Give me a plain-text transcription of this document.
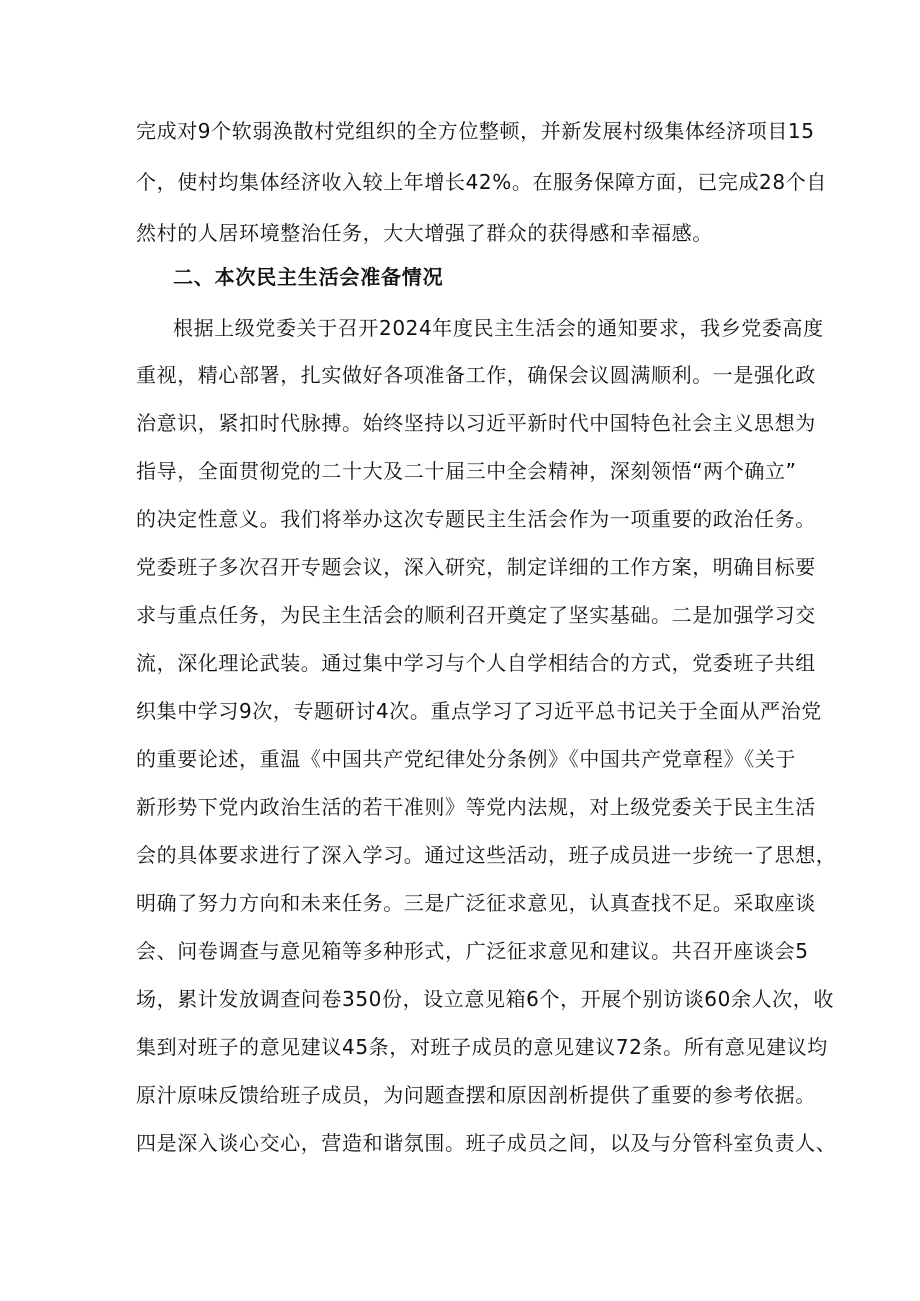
完成对9个软弱涣散村党组织的全方位整顿，并新发展村级集体经济项目15
个，使村均集体经济收入较上年增长42%。在服务保障方面，已完成28个自
然村的人居环境整治任务，大大增强了群众的获得感和幸福感。
二、本次民主生活会准备情况
根据上级党委关于召开2024年度民主生活会的通知要求，我乡党委高度
重视，精心部署，扎实做好各项准备工作，确保会议圆满顺利。一是强化政
治意识，紧扣时代脉搏。始终坚持以习近平新时代中国特色社会主义思想为
指导，全面贯彻党的二十大及二十届三中全会精神，深刻领悟“两个确立”
的决定性意义。我们将举办这次专题民主生活会作为一项重要的政治任务。
党委班子多次召开专题会议，深入研究，制定详细的工作方案，明确目标要
求与重点任务，为民主生活会的顺利召开奠定了坚实基础。二是加强学习交
流，深化理论武装。通过集中学习与个人自学相结合的方式，党委班子共组
织集中学习9次，专题研讨4次。重点学习了习近平总书记关于全面从严治党
的重要论述，重温《中国共产党纪律处分条例》《中国共产党章程》《关于
新形势下党内政治生活的若干准则》等党内法规，对上级党委关于民主生活
会的具体要求进行了深入学习。通过这些活动，班子成员进一步统一了思想，
明确了努力方向和未来任务。三是广泛征求意见，认真查找不足。采取座谈
会、问卷调查与意见箱等多种形式，广泛征求意见和建议。共召开座谈会5
场，累计发放调查问卷350份，设立意见箱6个，开展个别访谈60余人次，收
集到对班子的意见建议45条，对班子成员的意见建议72条。所有意见建议均
原汁原味反馈给班子成员，为问题查摆和原因剖析提供了重要的参考依据。
四是深入谈心交心，营造和谐氛围。班子成员之间，以及与分管科室负责人、
